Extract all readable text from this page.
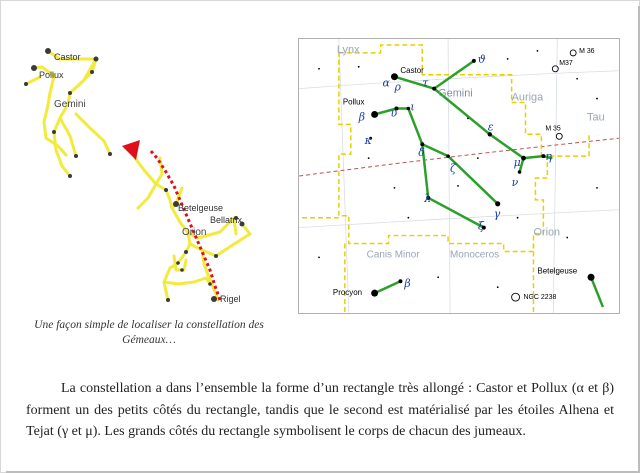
Castor
Pollux
Gemini
Betelgeuse
Bellatrix
Orion
Rigel
Lynx
Gemini	Auriga
Tau
Orion
Canis Minor	Monoceros
Castor
Pollux
Procyon
Betelgeuse
M 36
M37
M 35
NGC 2238
α ρ
β υ ι
κ
τ
ϑ
ε
δ
ζ
λ
ξ
γ
μ η
ν
β

Une façon simple de localiser la constellation des Gémeaux…

La constellation a dans l’ensemble la forme d’un rectangle très allongé : Castor et Pollux (α et β) forment un des petits côtés du rectangle, tandis que le second est matérialisé par les étoiles Alhena et Tejat (γ et μ). Les grands côtés du rectangle symbolisent le corps de chacun des jumeaux.
